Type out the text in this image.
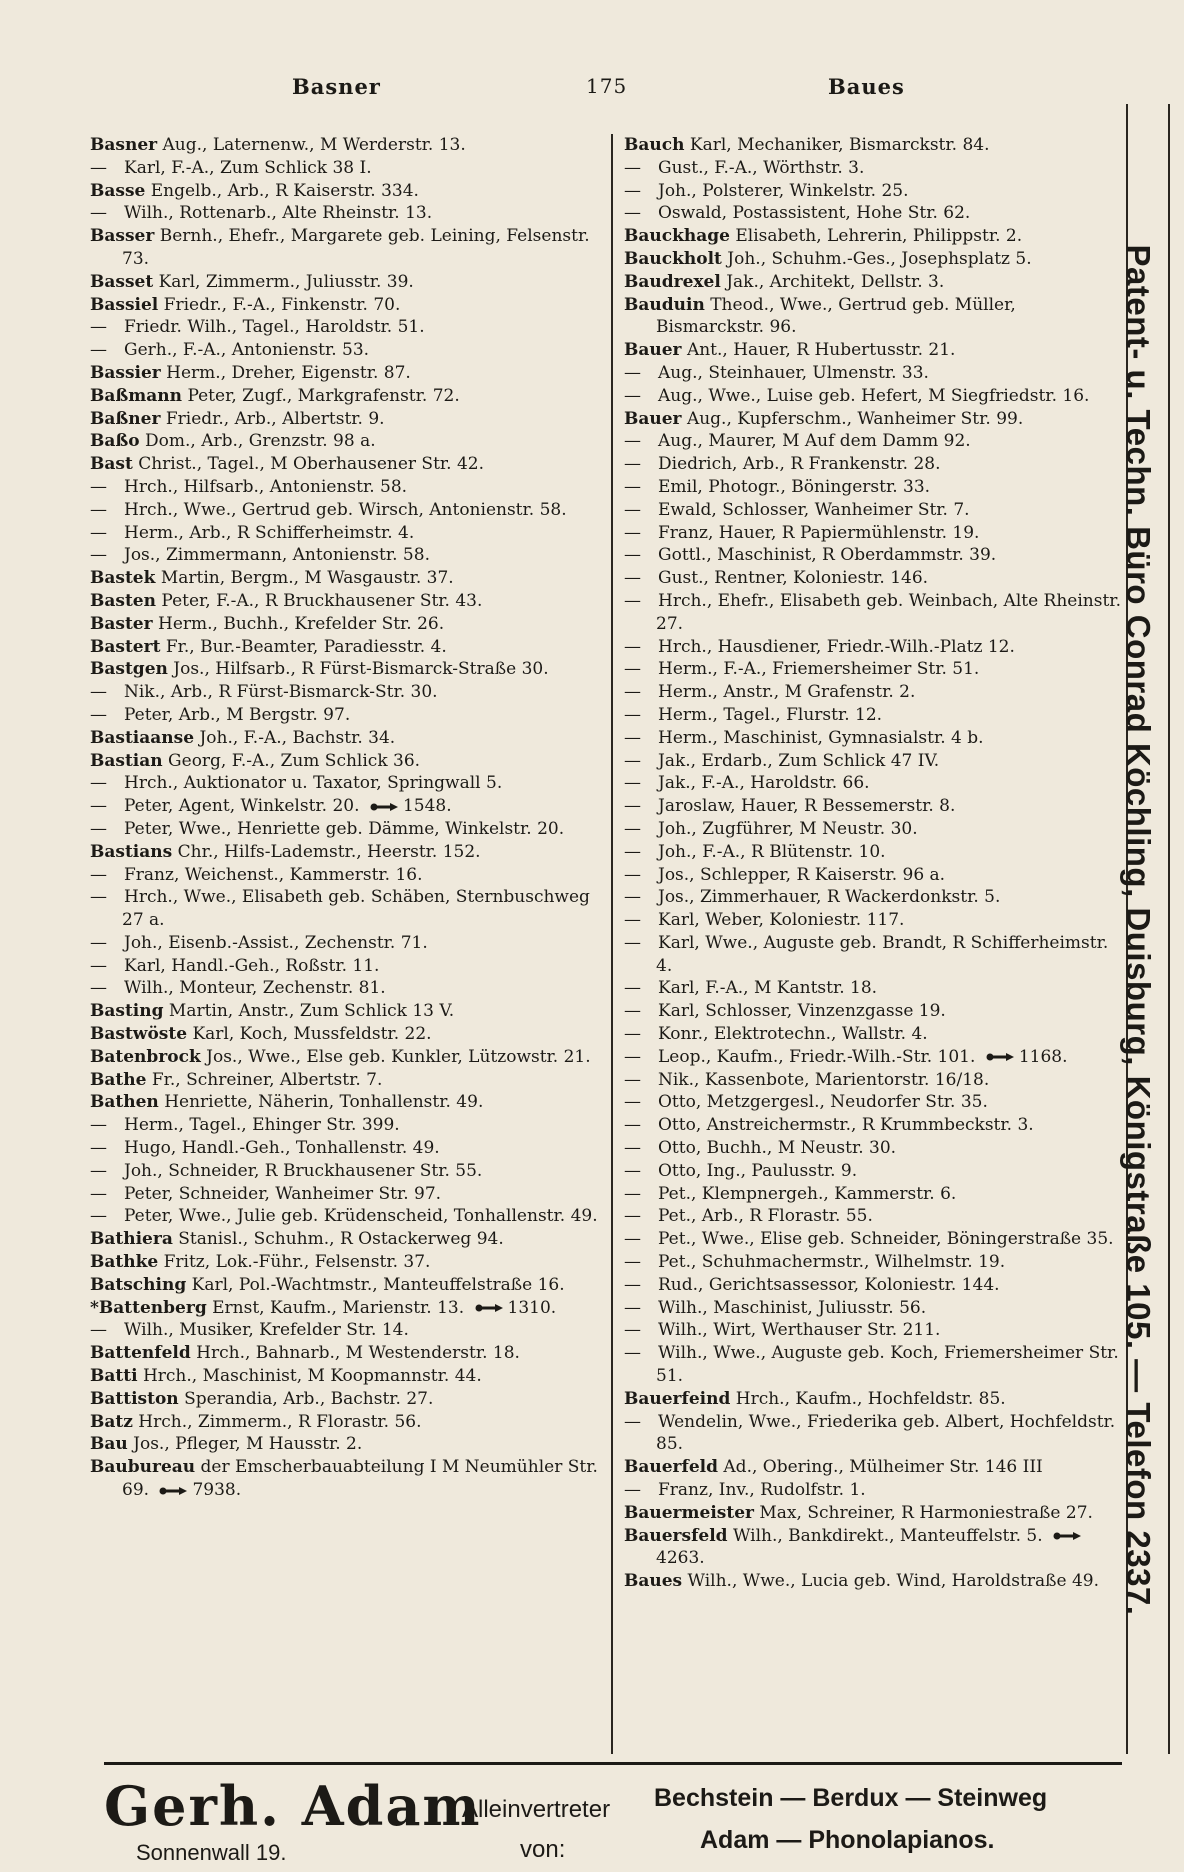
Basner	175	Baues

Basner Aug., Laternenw., M Werderstr. 13.

— Karl, F.-A., Zum Schlick 38 I.

Basse Engelb., Arb., R Kaiserstr. 334.

— Wilh., Rottenarb., Alte Rheinstr. 13.

Basser Bernh., Ehefr., Margarete geb. Leining, Felsenstr. 73.

Basset Karl, Zimmerm., Juliusstr. 39.

Bassiel Friedr., F.-A., Finkenstr. 70.

— Friedr. Wilh., Tagel., Haroldstr. 51.

— Gerh., F.-A., Antonienstr. 53.

Bassier Herm., Dreher, Eigenstr. 87.

Baßmann Peter, Zugf., Markgrafenstr. 72.

Baßner Friedr., Arb., Albertstr. 9.

Baßo Dom., Arb., Grenzstr. 98 a.

Bast Christ., Tagel., M Oberhausener Str. 42.

— Hrch., Hilfsarb., Antonienstr. 58.

— Hrch., Wwe., Gertrud geb. Wirsch, Antonienstr. 58.

— Herm., Arb., R Schifferheimstr. 4.

— Jos., Zimmermann, Antonienstr. 58.

Bastek Martin, Bergm., M Wasgaustr. 37.

Basten Peter, F.-A., R Bruckhausener Str. 43.

Baster Herm., Buchh., Krefelder Str. 26.

Bastert Fr., Bur.-Beamter, Paradiesstr. 4.

Bastgen Jos., Hilfsarb., R Fürst-Bismarck-Straße 30.

— Nik., Arb., R Fürst-Bismarck-Str. 30.

— Peter, Arb., M Bergstr. 97.

Bastiaanse Joh., F.-A., Bachstr. 34.

Bastian Georg, F.-A., Zum Schlick 36.

— Hrch., Auktionator u. Taxator, Springwall 5.

— Peter, Agent, Winkelstr. 20.	1548.

— Peter, Wwe., Henriette geb. Dämme, Winkelstr. 20.

Bastians Chr., Hilfs-Lademstr., Heerstr. 152.

— Franz, Weichenst., Kammerstr. 16.

— Hrch., Wwe., Elisabeth geb. Schäben, Sternbuschweg 27 a.

— Joh., Eisenb.-Assist., Zechenstr. 71.

— Karl, Handl.-Geh., Roßstr. 11.

— Wilh., Monteur, Zechenstr. 81.

Basting Martin, Anstr., Zum Schlick 13 V.

Bastwöste Karl, Koch, Mussfeldstr. 22.

Batenbrock Jos., Wwe., Else geb. Kunkler, Lützowstr. 21.

Bathe Fr., Schreiner, Albertstr. 7.

Bathen Henriette, Näherin, Tonhallenstr. 49.

— Herm., Tagel., Ehinger Str. 399.

— Hugo, Handl.-Geh., Tonhallenstr. 49.

— Joh., Schneider, R Bruckhausener Str. 55.

— Peter, Schneider, Wanheimer Str. 97.

— Peter, Wwe., Julie geb. Krüdenscheid, Tonhallenstr. 49.

Bathiera Stanisl., Schuhm., R Ostackerweg 94.

Bathke Fritz, Lok.-Führ., Felsenstr. 37.

Batsching Karl, Pol.-Wachtmstr., Manteuffelstraße 16.

*Battenberg Ernst, Kaufm., Marienstr. 13.	1310.

— Wilh., Musiker, Krefelder Str. 14.

Battenfeld Hrch., Bahnarb., M Westenderstr. 18.

Batti Hrch., Maschinist, M Koopmannstr. 44.

Battiston Sperandia, Arb., Bachstr. 27.

Batz Hrch., Zimmerm., R Florastr. 56.

Bau Jos., Pfleger, M Hausstr. 2.

Baubureau der Emscherbauabteilung I M Neumühler Str. 69.	7938.

Bauch Karl, Mechaniker, Bismarckstr. 84.

— Gust., F.-A., Wörthstr. 3.

— Joh., Polsterer, Winkelstr. 25.

— Oswald, Postassistent, Hohe Str. 62.

Bauckhage Elisabeth, Lehrerin, Philippstr. 2.

Bauckholt Joh., Schuhm.-Ges., Josephsplatz 5.

Baudrexel Jak., Architekt, Dellstr. 3.

Bauduin Theod., Wwe., Gertrud geb. Müller, Bismarckstr. 96.

Bauer Ant., Hauer, R Hubertusstr. 21.

— Aug., Steinhauer, Ulmenstr. 33.

— Aug., Wwe., Luise geb. Hefert, M Siegfriedstr. 16.

Bauer Aug., Kupferschm., Wanheimer Str. 99.

— Aug., Maurer, M Auf dem Damm 92.

— Diedrich, Arb., R Frankenstr. 28.

— Emil, Photogr., Böningerstr. 33.

— Ewald, Schlosser, Wanheimer Str. 7.

— Franz, Hauer, R Papiermühlenstr. 19.

— Gottl., Maschinist, R Oberdammstr. 39.

— Gust., Rentner, Koloniestr. 146.

— Hrch., Ehefr., Elisabeth geb. Weinbach, Alte Rheinstr. 27.

— Hrch., Hausdiener, Friedr.-Wilh.-Platz 12.

— Herm., F.-A., Friemersheimer Str. 51.

— Herm., Anstr., M Grafenstr. 2.

— Herm., Tagel., Flurstr. 12.

— Herm., Maschinist, Gymnasialstr. 4 b.

— Jak., Erdarb., Zum Schlick 47 IV.

— Jak., F.-A., Haroldstr. 66.

— Jaroslaw, Hauer, R Bessemerstr. 8.

— Joh., Zugführer, M Neustr. 30.

— Joh., F.-A., R Blütenstr. 10.

— Jos., Schlepper, R Kaiserstr. 96 a.

— Jos., Zimmerhauer, R Wackerdonkstr. 5.

— Karl, Weber, Koloniestr. 117.

— Karl, Wwe., Auguste geb. Brandt, R Schifferheimstr. 4.

— Karl, F.-A., M Kantstr. 18.

— Karl, Schlosser, Vinzenzgasse 19.

— Konr., Elektrotechn., Wallstr. 4.

— Leop., Kaufm., Friedr.-Wilh.-Str. 101.	1168.

— Nik., Kassenbote, Marientorstr. 16/18.

— Otto, Metzgergesl., Neudorfer Str. 35.

— Otto, Anstreichermstr., R Krummbeckstr. 3.

— Otto, Buchh., M Neustr. 30.

— Otto, Ing., Paulusstr. 9.

— Pet., Klempnergeh., Kammerstr. 6.

— Pet., Arb., R Florastr. 55.

— Pet., Wwe., Elise geb. Schneider, Böningerstraße 35.

— Pet., Schuhmachermstr., Wilhelmstr. 19.

— Rud., Gerichtsassessor, Koloniestr. 144.

— Wilh., Maschinist, Juliusstr. 56.

— Wilh., Wirt, Werthauser Str. 211.

— Wilh., Wwe., Auguste geb. Koch, Friemersheimer Str. 51.

Bauerfeind Hrch., Kaufm., Hochfeldstr. 85.

— Wendelin, Wwe., Friederika geb. Albert, Hochfeldstr. 85.

Bauerfeld Ad., Obering., Mülheimer Str. 146 III

— Franz, Inv., Rudolfstr. 1.

Bauermeister Max, Schreiner, R Harmoniestraße 27.

Bauersfeld Wilh., Bankdirekt., Manteuffelstr. 5. 4263.

Baues Wilh., Wwe., Lucia geb. Wind, Haroldstraße 49. Patent- u. Techn. Büro Conrad Köchling, Duisburg, Königstraße 105. — Telefon 2337.
Gerh. Adam
Sonnenwall 19.
Alleinvertreter
von:
Bechstein — Berdux — Steinweg
Adam — Phonolapianos.
